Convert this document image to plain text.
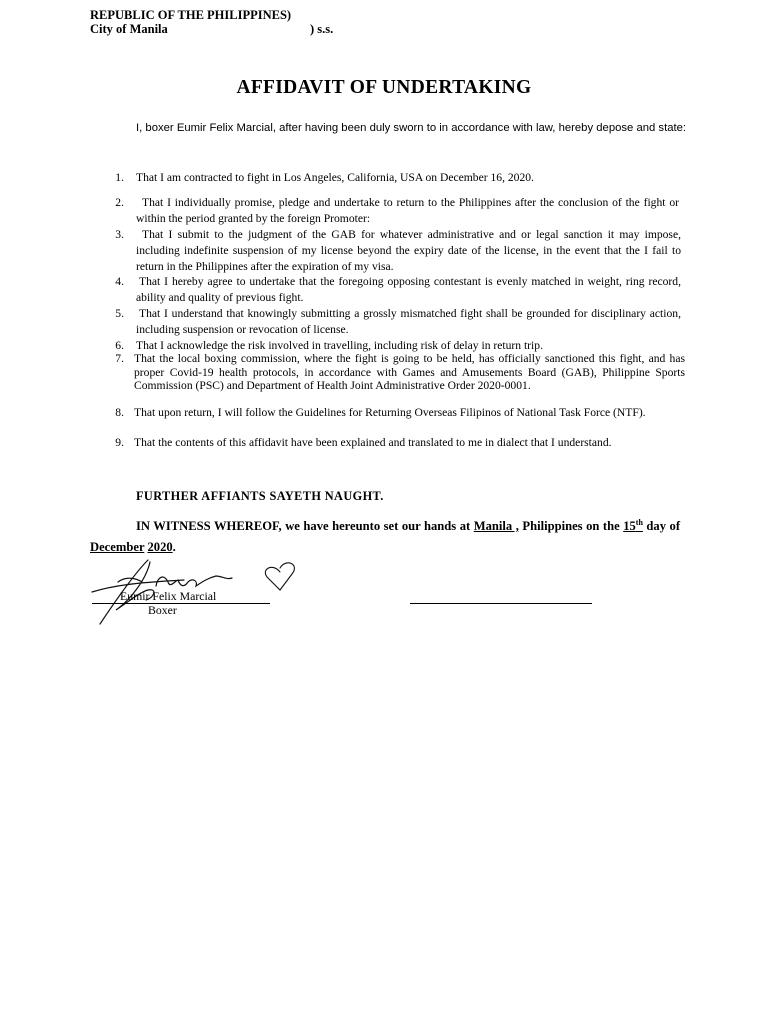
REPUBLIC OF THE PHILIPPINES)
City of Manila	) s.s.
AFFIDAVIT OF UNDERTAKING
I, boxer Eumir Felix Marcial, after having been duly sworn to in accordance with law, hereby depose and state:
1. That I am contracted to fight in Los Angeles, California, USA on December 16, 2020.
2.	That I individually promise, pledge and undertake to return to the Philippines after the conclusion of the fight or within the period granted by the foreign Promoter:
3.	That I submit to the judgment of the GAB for whatever administrative and or legal sanction it may impose, including indefinite suspension of my license beyond the expiry date of the license, in the event that the I fail to return in the Philippines after the expiration of my visa.
4. That I hereby agree to undertake that the foregoing opposing contestant is evenly matched in weight, ring record, ability and quality of previous fight.
5. That I understand that knowingly submitting a grossly mismatched fight shall be grounded for disciplinary action, including suspension or revocation of license.
6. That I acknowledge the risk involved in travelling, including risk of delay in return trip.
7. That the local boxing commission, where the fight is going to be held, has officially sanctioned this fight, and has proper Covid-19 health protocols, in accordance with Games and Amusements Board (GAB), Philippine Sports Commission (PSC) and Department of Health Joint Administrative Order 2020-0001.
8. That upon return, I will follow the Guidelines for Returning Overseas Filipinos of National Task Force (NTF).
9. That the contents of this affidavit have been explained and translated to me in dialect that I understand.
FURTHER AFFIANTS SAYETH NAUGHT.
IN WITNESS WHEREOF, we have hereunto set our hands at Manila , Philippines on the 15th day of December 2020.
Eumir Felix Marcial
Boxer
